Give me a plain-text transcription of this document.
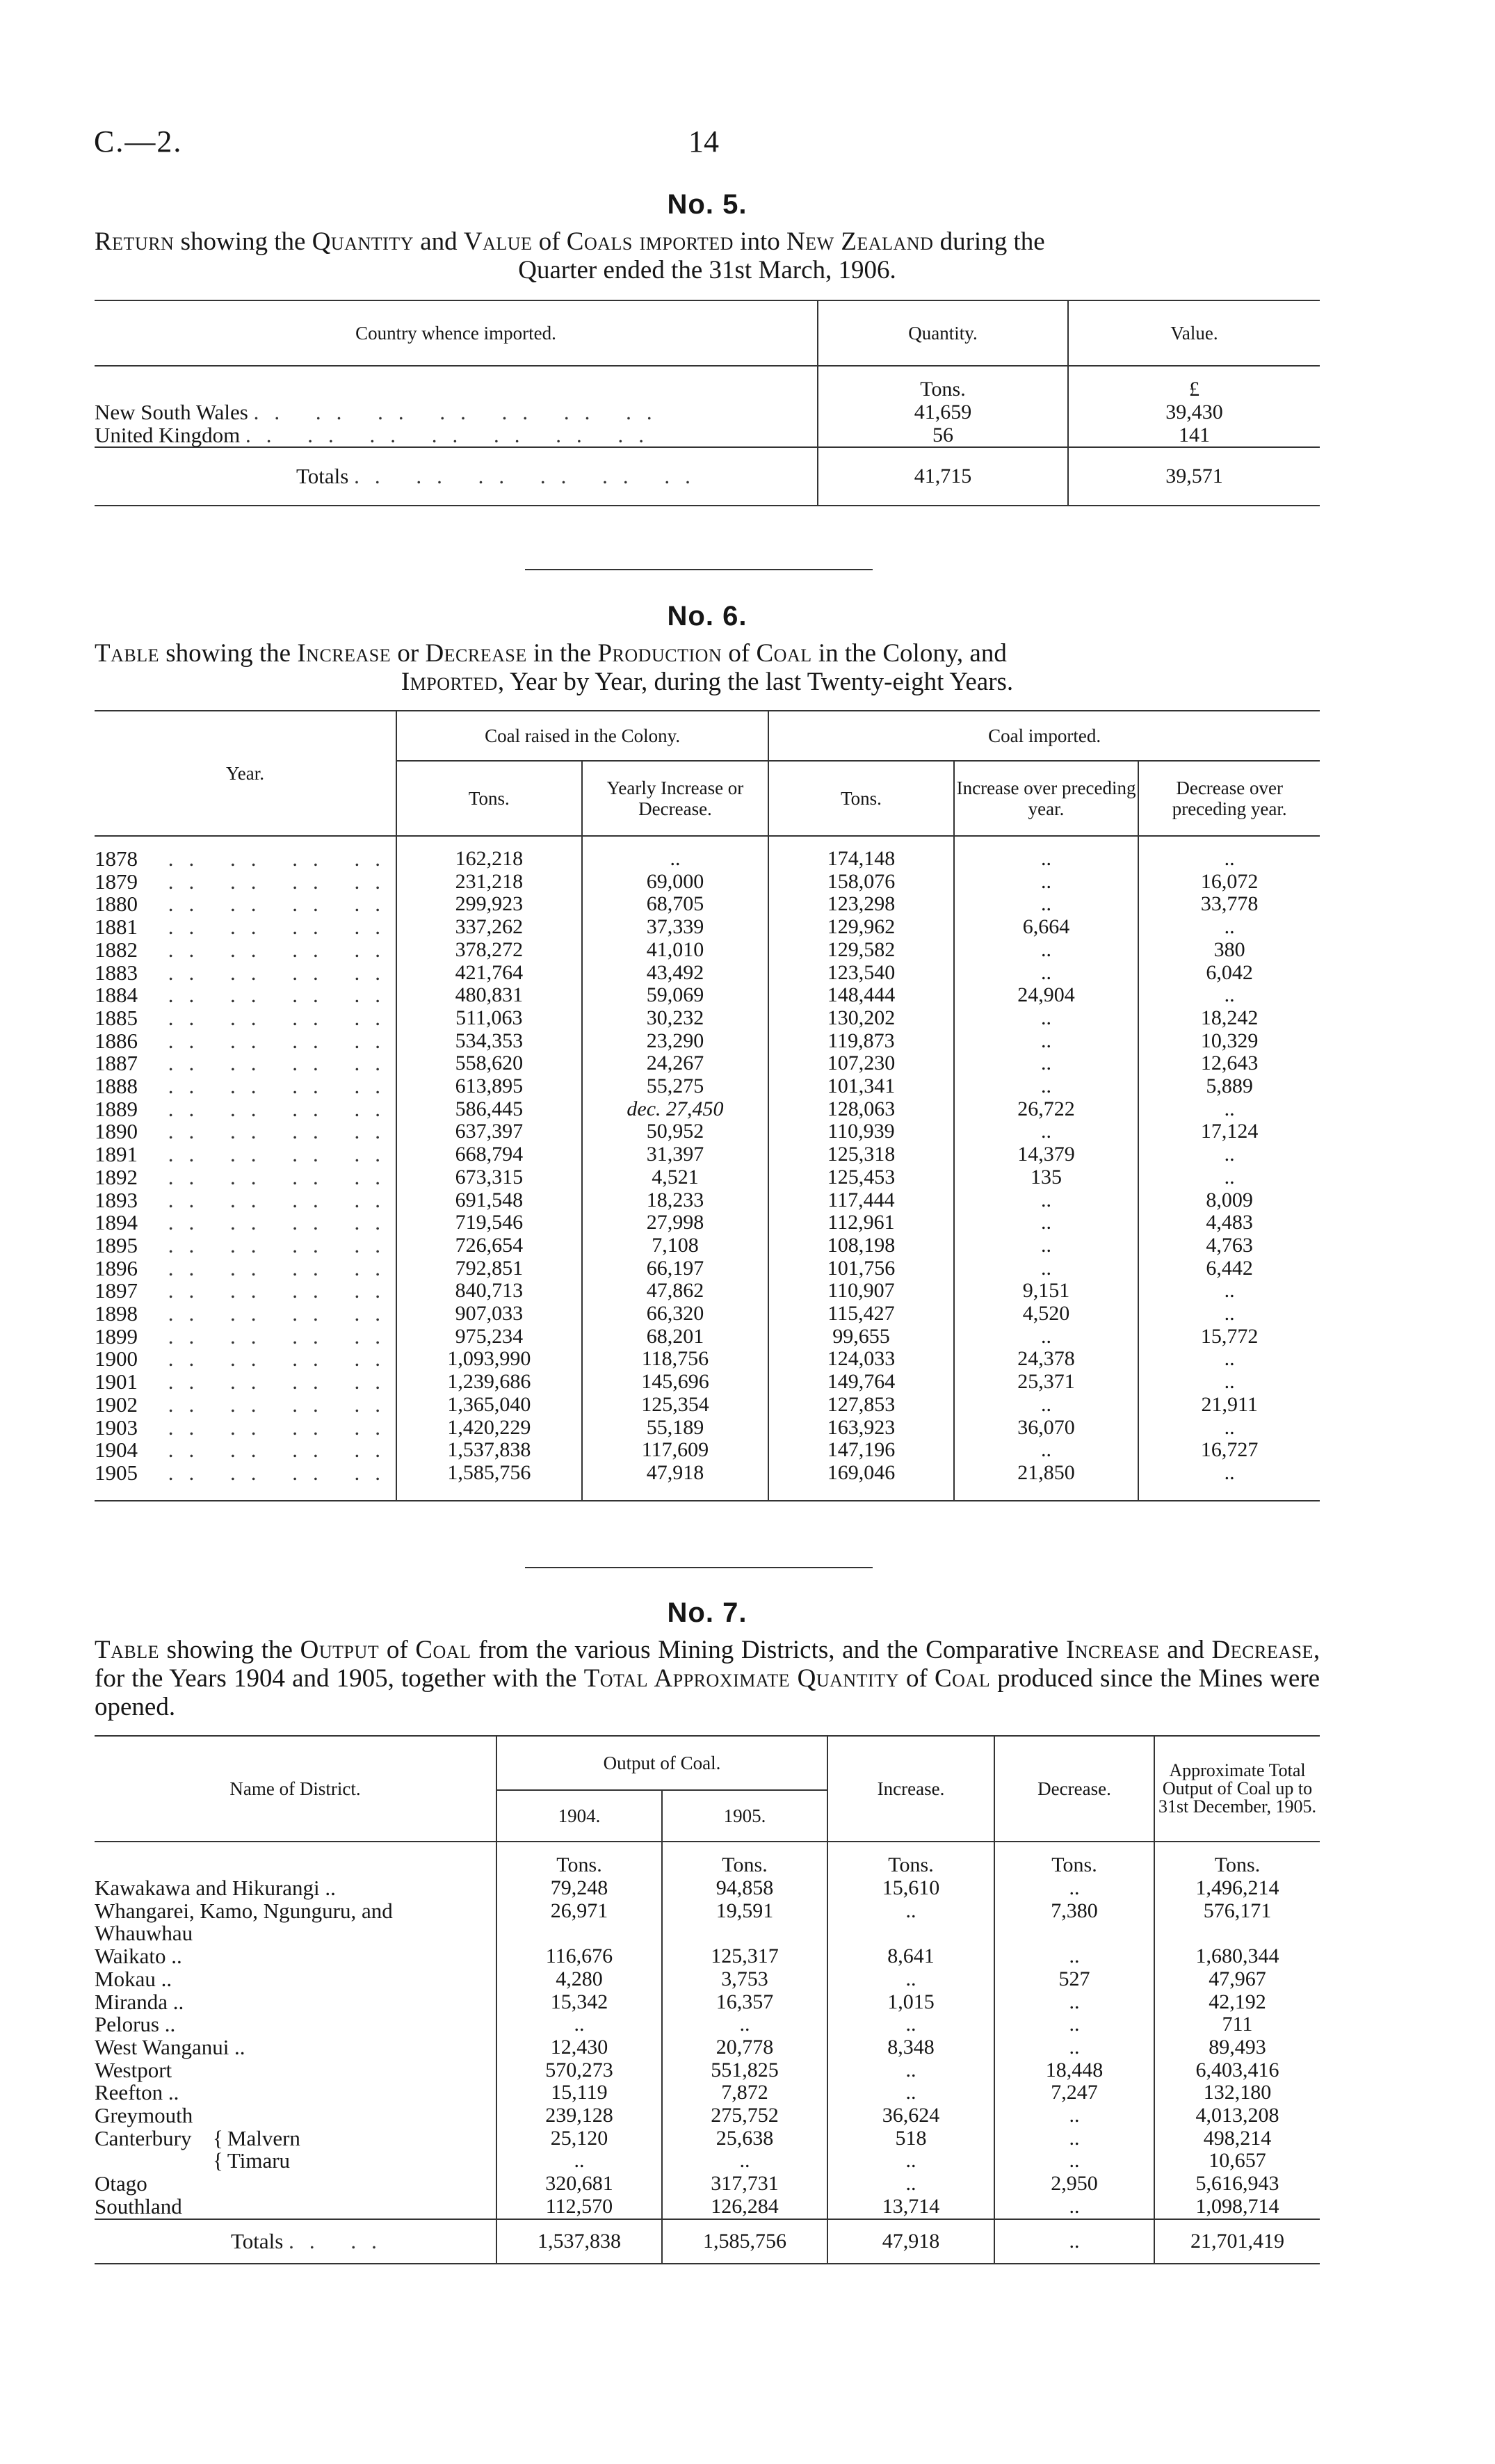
C.—2.	14
No. 5.
Return showing the Quantity and Value of Coals imported into New Zealand during the
Quarter ended the 31st March, 1906.
Country whence imported.	Quantity.	Value.
	Tons.	£
New South Wales .. .. .. .. .. .. ..	41,659	39,430
United Kingdom .. .. .. .. .. .. ..	56	141
Totals .. .. .. .. .. ..	41,715	39,571
No. 6.
Table showing the Increase or Decrease in the Production of Coal in the Colony, and
Imported, Year by Year, during the last Twenty-eight Years.
Year.	Coal raised in the Colony.		Coal imported.		
	Tons.	Yearly Increase or Decrease.	Tons.	Increase over preceding year.	Decrease over preceding year.

1878 .. .. .. ..	162,218	..	174,148	..	..
1879 .. .. .. ..	231,218	69,000	158,076	..	16,072
1880 .. .. .. ..	299,923	68,705	123,298	..	33,778
1881 .. .. .. ..	337,262	37,339	129,962	6,664	..
1882 .. .. .. ..	378,272	41,010	129,582	..	380
1883 .. .. .. ..	421,764	43,492	123,540	..	6,042
1884 .. .. .. ..	480,831	59,069	148,444	24,904	..
1885 .. .. .. ..	511,063	30,232	130,202	..	18,242
1886 .. .. .. ..	534,353	23,290	119,873	..	10,329
1887 .. .. .. ..	558,620	24,267	107,230	..	12,643
1888 .. .. .. ..	613,895	55,275	101,341	..	5,889
1889 .. .. .. ..	586,445	dec. 27,450	128,063	26,722	..
1890 .. .. .. ..	637,397	50,952	110,939	..	17,124
1891 .. .. .. ..	668,794	31,397	125,318	14,379	..
1892 .. .. .. ..	673,315	4,521	125,453	135	..
1893 .. .. .. ..	691,548	18,233	117,444	..	8,009
1894 .. .. .. ..	719,546	27,998	112,961	..	4,483
1895 .. .. .. ..	726,654	7,108	108,198	..	4,763
1896 .. .. .. ..	792,851	66,197	101,756	..	6,442
1897 .. .. .. ..	840,713	47,862	110,907	9,151	..
1898 .. .. .. ..	907,033	66,320	115,427	4,520	..
1899 .. .. .. ..	975,234	68,201	99,655	..	15,772
1900 .. .. .. ..	1,093,990	118,756	124,033	24,378	..
1901 .. .. .. ..	1,239,686	145,696	149,764	25,371	..
1902 .. .. .. ..	1,365,040	125,354	127,853	..	21,911
1903 .. .. .. ..	1,420,229	55,189	163,923	36,070	..
1904 .. .. .. ..	1,537,838	117,609	147,196	..	16,727
1905 .. .. .. ..	1,585,756	47,918	169,046	21,850	..

No. 7.
Table showing the Output of Coal from the various Mining Districts, and the Comparative Increase and Decrease, for the Years 1904 and 1905, together with the Total Approximate Quantity of Coal produced since the Mines were opened.
Name of District.	Output of Coal.		Increase.	Decrease.	Approximate Total Output of Coal up to 31st December, 1905.
	1904.	1905.			
	Tons.	Tons.	Tons.	Tons.	Tons.
Kawakawa and Hikurangi ..	79,248	94,858	15,610	..	1,496,214
Whangarei, Kamo, Ngunguru, and	26,971	19,591	..	7,380	576,171
Whauwhau					
Waikato ..	116,676	125,317	8,641	..	1,680,344
Mokau ..	4,280	3,753	..	527	47,967
Miranda ..	15,342	16,357	1,015	..	42,192
Pelorus ..	..	..	..	..	711
West Wanganui ..	12,430	20,778	8,348	..	89,493
Westport	570,273	551,825	..	18,448	6,403,416
Reefton ..	15,119	7,872	..	7,247	132,180
Greymouth	239,128	275,752	36,624	..	4,013,208
Canterbury { Malvern	25,120	25,638	518	..	498,214
{ Timaru	..	..	..	..	10,657
Otago	320,681	317,731	..	2,950	5,616,943
Southland	112,570	126,284	13,714	..	1,098,714
Totals .. ..	1,537,838	1,585,756	47,918	..	21,701,419
